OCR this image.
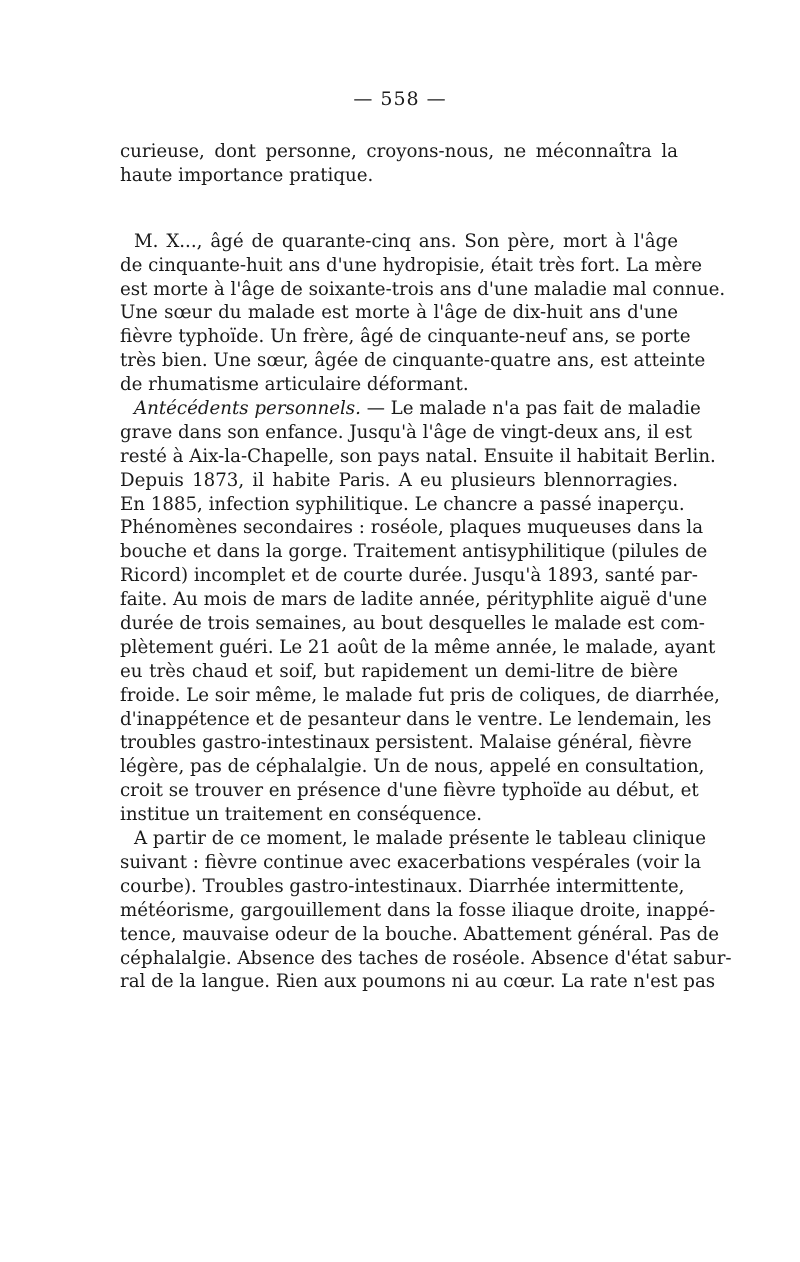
— 558 —
curieuse, dont personne, croyons-nous, ne méconnaîtra la
haute importance pratique.
M. X..., âgé de quarante-cinq ans. Son père, mort à l'âge
de cinquante-huit ans d'une hydropisie, était très fort. La mère
est morte à l'âge de soixante-trois ans d'une maladie mal connue.
Une sœur du malade est morte à l'âge de dix-huit ans d'une
fièvre typhoïde. Un frère, âgé de cinquante-neuf ans, se porte
très bien. Une sœur, âgée de cinquante-quatre ans, est atteinte
de rhumatisme articulaire déformant.
Antécédents personnels. — Le malade n'a pas fait de maladie
grave dans son enfance. Jusqu'à l'âge de vingt-deux ans, il est
resté à Aix-la-Chapelle, son pays natal. Ensuite il habitait Berlin.
Depuis 1873, il habite Paris. A eu plusieurs blennorragies.
En 1885, infection syphilitique. Le chancre a passé inaperçu.
Phénomènes secondaires : roséole, plaques muqueuses dans la
bouche et dans la gorge. Traitement antisyphilitique (pilules de
Ricord) incomplet et de courte durée. Jusqu'à 1893, santé par-
faite. Au mois de mars de ladite année, pérityphlite aiguë d'une
durée de trois semaines, au bout desquelles le malade est com-
plètement guéri. Le 21 août de la même année, le malade, ayant
eu très chaud et soif, but rapidement un demi-litre de bière
froide. Le soir même, le malade fut pris de coliques, de diarrhée,
d'inappétence et de pesanteur dans le ventre. Le lendemain, les
troubles gastro-intestinaux persistent. Malaise général, fièvre
légère, pas de céphalalgie. Un de nous, appelé en consultation,
croit se trouver en présence d'une fièvre typhoïde au début, et
institue un traitement en conséquence.
A partir de ce moment, le malade présente le tableau clinique
suivant : fièvre continue avec exacerbations vespérales (voir la
courbe). Troubles gastro-intestinaux. Diarrhée intermittente,
météorisme, gargouillement dans la fosse iliaque droite, inappé-
tence, mauvaise odeur de la bouche. Abattement général. Pas de
céphalalgie. Absence des taches de roséole. Absence d'état sabur-
ral de la langue. Rien aux poumons ni au cœur. La rate n'est pas
